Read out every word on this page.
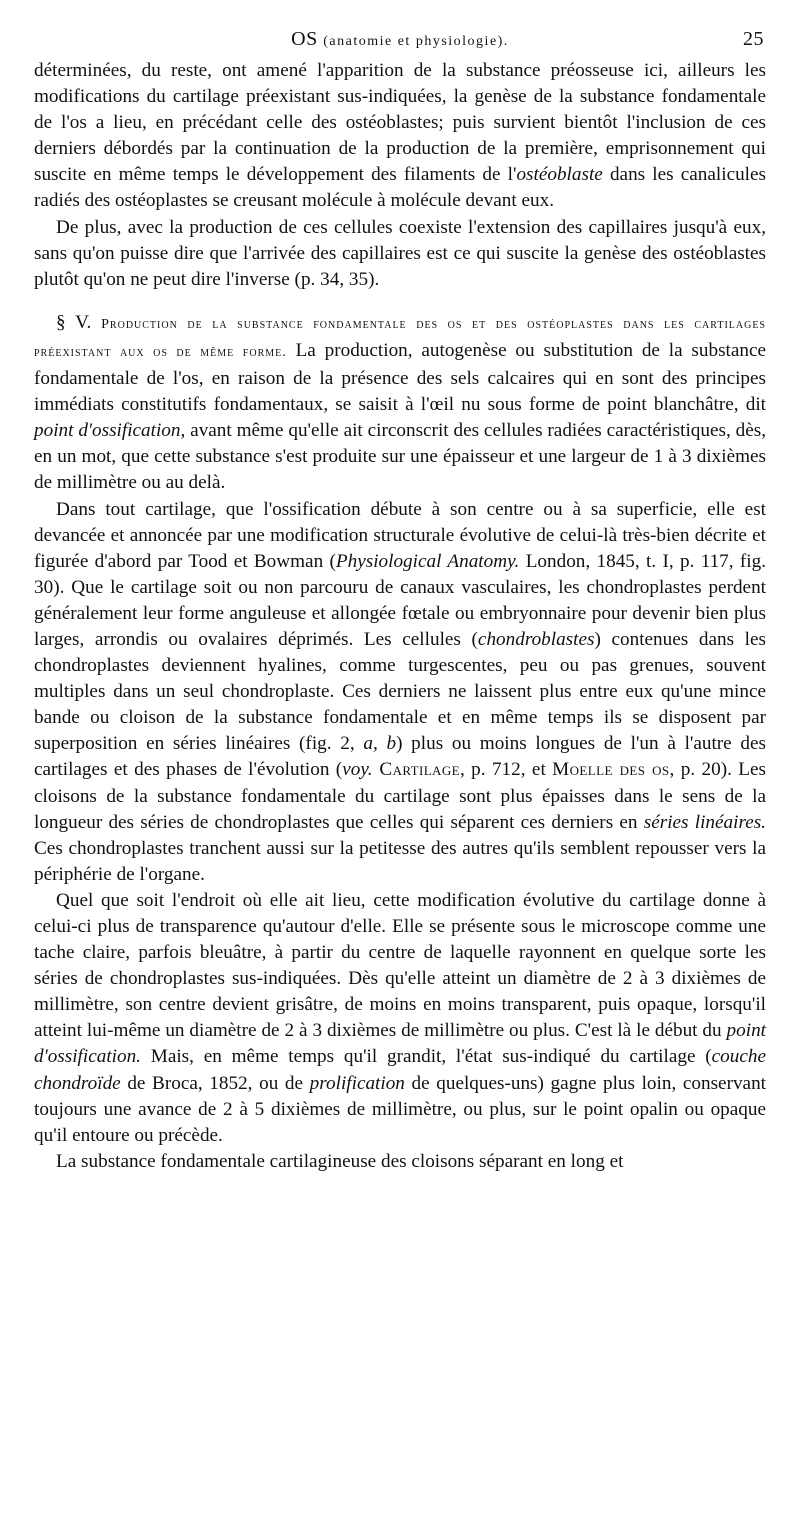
OS (anatomie et physiologie).	25

déterminées, du reste, ont amené l'apparition de la substance préosseuse ici, ailleurs les modifications du cartilage préexistant sus-indiquées, la genèse de la substance fondamentale de l'os a lieu, en précédant celle des ostéoblastes; puis survient bientôt l'inclusion de ces derniers débordés par la continuation de la production de la première, emprisonnement qui suscite en même temps le développement des filaments de l'ostéoblaste dans les canalicules radiés des ostéoplastes se creusant molécule à molécule devant eux.

De plus, avec la production de ces cellules coexiste l'extension des capillaires jusqu'à eux, sans qu'on puisse dire que l'arrivée des capillaires est ce qui suscite la genèse des ostéoblastes plutôt qu'on ne peut dire l'inverse (p. 34, 35).

§ V. Production de la substance fondamentale des os et des ostéoplastes dans les cartilages préexistant aux os de même forme. La production, autogenèse ou substitution de la substance fondamentale de l'os, en raison de la présence des sels calcaires qui en sont des principes immédiats constitutifs fondamentaux, se saisit à l'œil nu sous forme de point blanchâtre, dit point d'ossification, avant même qu'elle ait circonscrit des cellules radiées caractéristiques, dès, en un mot, que cette substance s'est produite sur une épaisseur et une largeur de 1 à 3 dixièmes de millimètre ou au delà.

Dans tout cartilage, que l'ossification débute à son centre ou à sa superficie, elle est devancée et annoncée par une modification structurale évolutive de celui-là très-bien décrite et figurée d'abord par Tood et Bowman (Physiological Anatomy. London, 1845, t. I, p. 117, fig. 30). Que le cartilage soit ou non parcouru de canaux vasculaires, les chondroplastes perdent généralement leur forme anguleuse et allongée fœtale ou embryonnaire pour devenir bien plus larges, arrondis ou ovalaires déprimés. Les cellules (chondroblastes) contenues dans les chondroplastes deviennent hyalines, comme turgescentes, peu ou pas grenues, souvent multiples dans un seul chondroplaste. Ces derniers ne laissent plus entre eux qu'une mince bande ou cloison de la substance fondamentale et en même temps ils se disposent par superposition en séries linéaires (fig. 2, a, b) plus ou moins longues de l'un à l'autre des cartilages et des phases de l'évolution (voy. Cartilage, p. 712, et Moelle des os, p. 20). Les cloisons de la substance fondamentale du cartilage sont plus épaisses dans le sens de la longueur des séries de chondroplastes que celles qui séparent ces derniers en séries linéaires. Ces chondroplastes tranchent aussi sur la petitesse des autres qu'ils semblent repousser vers la périphérie de l'organe.

Quel que soit l'endroit où elle ait lieu, cette modification évolutive du cartilage donne à celui-ci plus de transparence qu'autour d'elle. Elle se présente sous le microscope comme une tache claire, parfois bleuâtre, à partir du centre de laquelle rayonnent en quelque sorte les séries de chondroplastes sus-indiquées. Dès qu'elle atteint un diamètre de 2 à 3 dixièmes de millimètre, son centre devient grisâtre, de moins en moins transparent, puis opaque, lorsqu'il atteint lui-même un diamètre de 2 à 3 dixièmes de millimètre ou plus. C'est là le début du point d'ossification. Mais, en même temps qu'il grandit, l'état sus-indiqué du cartilage (couche chondroïde de Broca, 1852, ou de prolification de quelques-uns) gagne plus loin, conservant toujours une avance de 2 à 5 dixièmes de millimètre, ou plus, sur le point opalin ou opaque qu'il entoure ou précède.

La substance fondamentale cartilagineuse des cloisons séparant en long et
